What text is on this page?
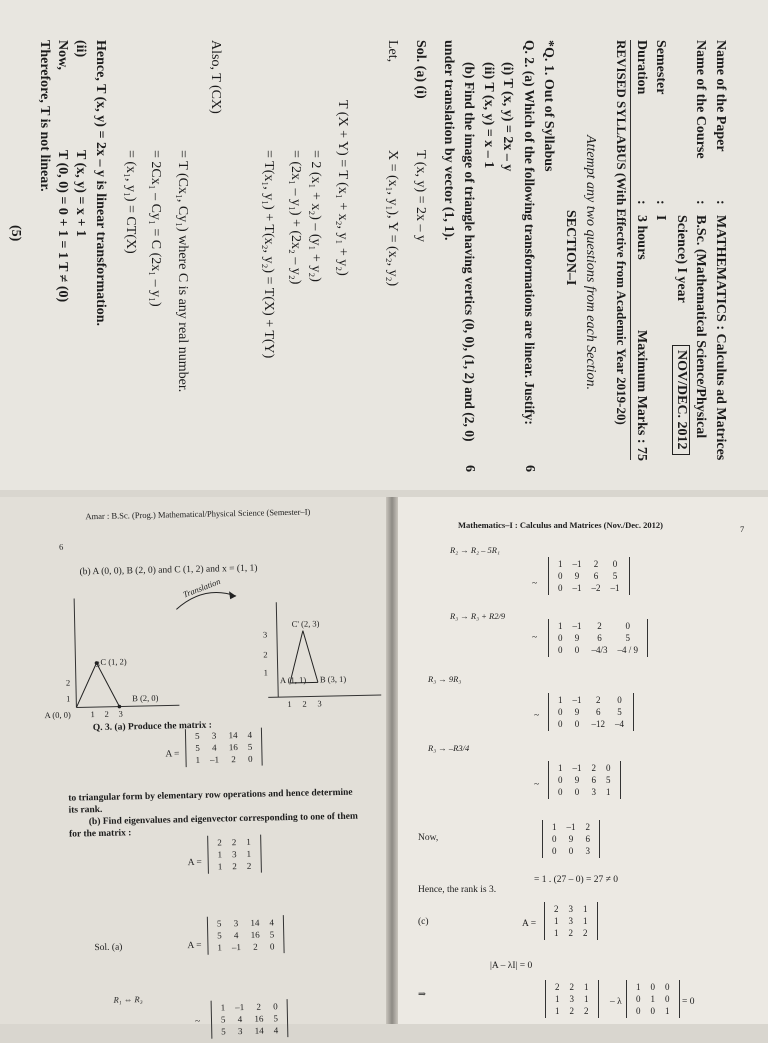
Name of the Paper
:
MATHEMATICS : Calculus ad Matrices
Name of the Course
:
B.Sc. (Mathematical Science/Physical
Science) I year
NOV/DEC. 2012
Semester
:
I
Duration
:
3 hours
Maximum Marks : 75
REVISED SYLLABUS (With Effective from Academic Year 2019-20)
Attempt any two questions from each Section.
SECTION–I
*Q. 1. Out of Syllabus
Q. 2. (a) Which of the following transformations are linear. Justify:
6
(i) T (x, y) = 2x – y
(ii) T (x, y) = x – 1
(b) Find the image of triangle having vertics (0, 0), (1, 2) and (2, 0)
6
under translation by vector (1, 1).
Sol. (a) (i)
T (x, y) = 2x – y
Let,
X = (x₁, y₁), Y = (x₂, y₂)
T (X + Y) = T (x₁ + x₂, y₁ + y₂)
= 2 (x₁ + x₂) – (y₁ + y₂)
= (2x₁ – y₁) + (2x₂ – y₂)
= T(x₁, y₁) + T(x₂, y₂) = T(X) + T(Y)
Also, T (CX)
= T (Cx₁, Cy₁) where C is any real number.
= 2Cx₁ – Cy₁ = C (2x₁ – y₁)
= (x₁, y₁) = CT(X)
Hence, T (x, y) = 2x – y is linear transformation.
(ii)
T (x, y) = x + 1
Now,
T (0, 0) = 0 + 1 = 1 T ≠ (0)
Therefore, T is not linear.
(5)
6
Amar : B.Sc. (Prog.) Mathematical/Physical Science (Semester–I)
(b) A (0, 0), B (2, 0) and C (1, 2) and x = (1, 1)
C (1, 2)
B (2, 0)
A (0, 0)
3
2
1
1 2 3
Translation
C' (2, 3)
A (1, 1) B (3, 1)
3
2
1
1 2 3
Q. 3. (a) Produce the matrix :
A =
5	3	14	4
5	4	16	5
1	–1	2	0
to triangular form by elementary row operations and hence determine
its rank.
(b) Find eigenvalues and eigenvector corresponding to one of them
for the matrix :
A =
2	2	1
1	3	1
1	2	2
Sol. (a)	A =
5	3	14	4
5	4	16	5
1	–1	2	0
R₁ ⇔ R₃
~
1	–1	2	0
5	4	16	5
5	3	14	4
Mathematics–I : Calculus and Matrices (Nov./Dec. 2012)	7
R₂ → R₂ – 5R₁
~
1	–1	2	0
0	9	6	5
0	–1	–2	–1
R₃ → R₃ + R2/9
~
1	–1	2	0
0	9	6	5
0	0	–4/3	–4 / 9
R₃ → 9R₃
~
1	–1	2	0
0	9	6	5
0	0	–12	–4
R₃ → –R3/4
~
1	–1	2	0
0	9	6	5
0	0	3	1
Now,
1	–1	2
0	9	6
0	0	3
= 1 . (27 – 0) = 27 ≠ 0
Hence, the rank is 3.
(c)	A =
2	3	1
1	3	1
1	2	2
|A – λI| = 0
⇒
2	2	1
1	3	1
1	2	2
– λ
1	0	0
0	1	0
0	0	1
= 0
